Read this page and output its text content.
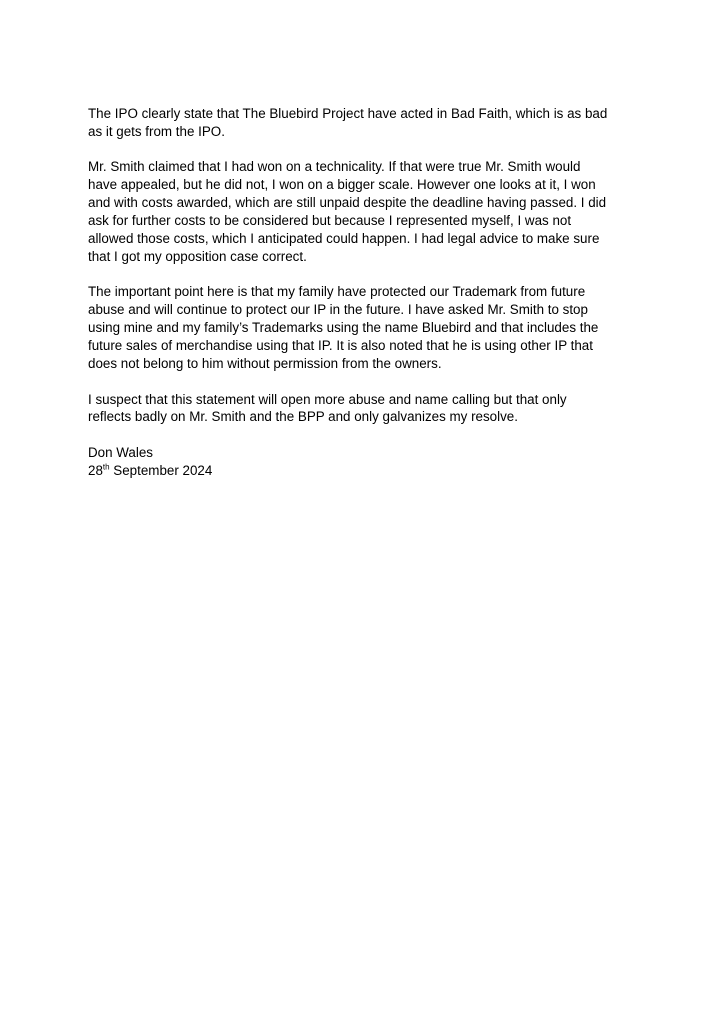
The IPO clearly state that The Bluebird Project have acted in Bad Faith, which is as bad
as it gets from the IPO.

Mr. Smith claimed that I had won on a technicality. If that were true Mr. Smith would
have appealed, but he did not, I won on a bigger scale. However one looks at it, I won
and with costs awarded, which are still unpaid despite the deadline having passed. I did
ask for further costs to be considered but because I represented myself, I was not
allowed those costs, which I anticipated could happen. I had legal advice to make sure
that I got my opposition case correct.

The important point here is that my family have protected our Trademark from future
abuse and will continue to protect our IP in the future. I have asked Mr. Smith to stop
using mine and my family’s Trademarks using the name Bluebird and that includes the
future sales of merchandise using that IP. It is also noted that he is using other IP that
does not belong to him without permission from the owners.

I suspect that this statement will open more abuse and name calling but that only
reflects badly on Mr. Smith and the BPP and only galvanizes my resolve.

Don Wales
28th September 2024
